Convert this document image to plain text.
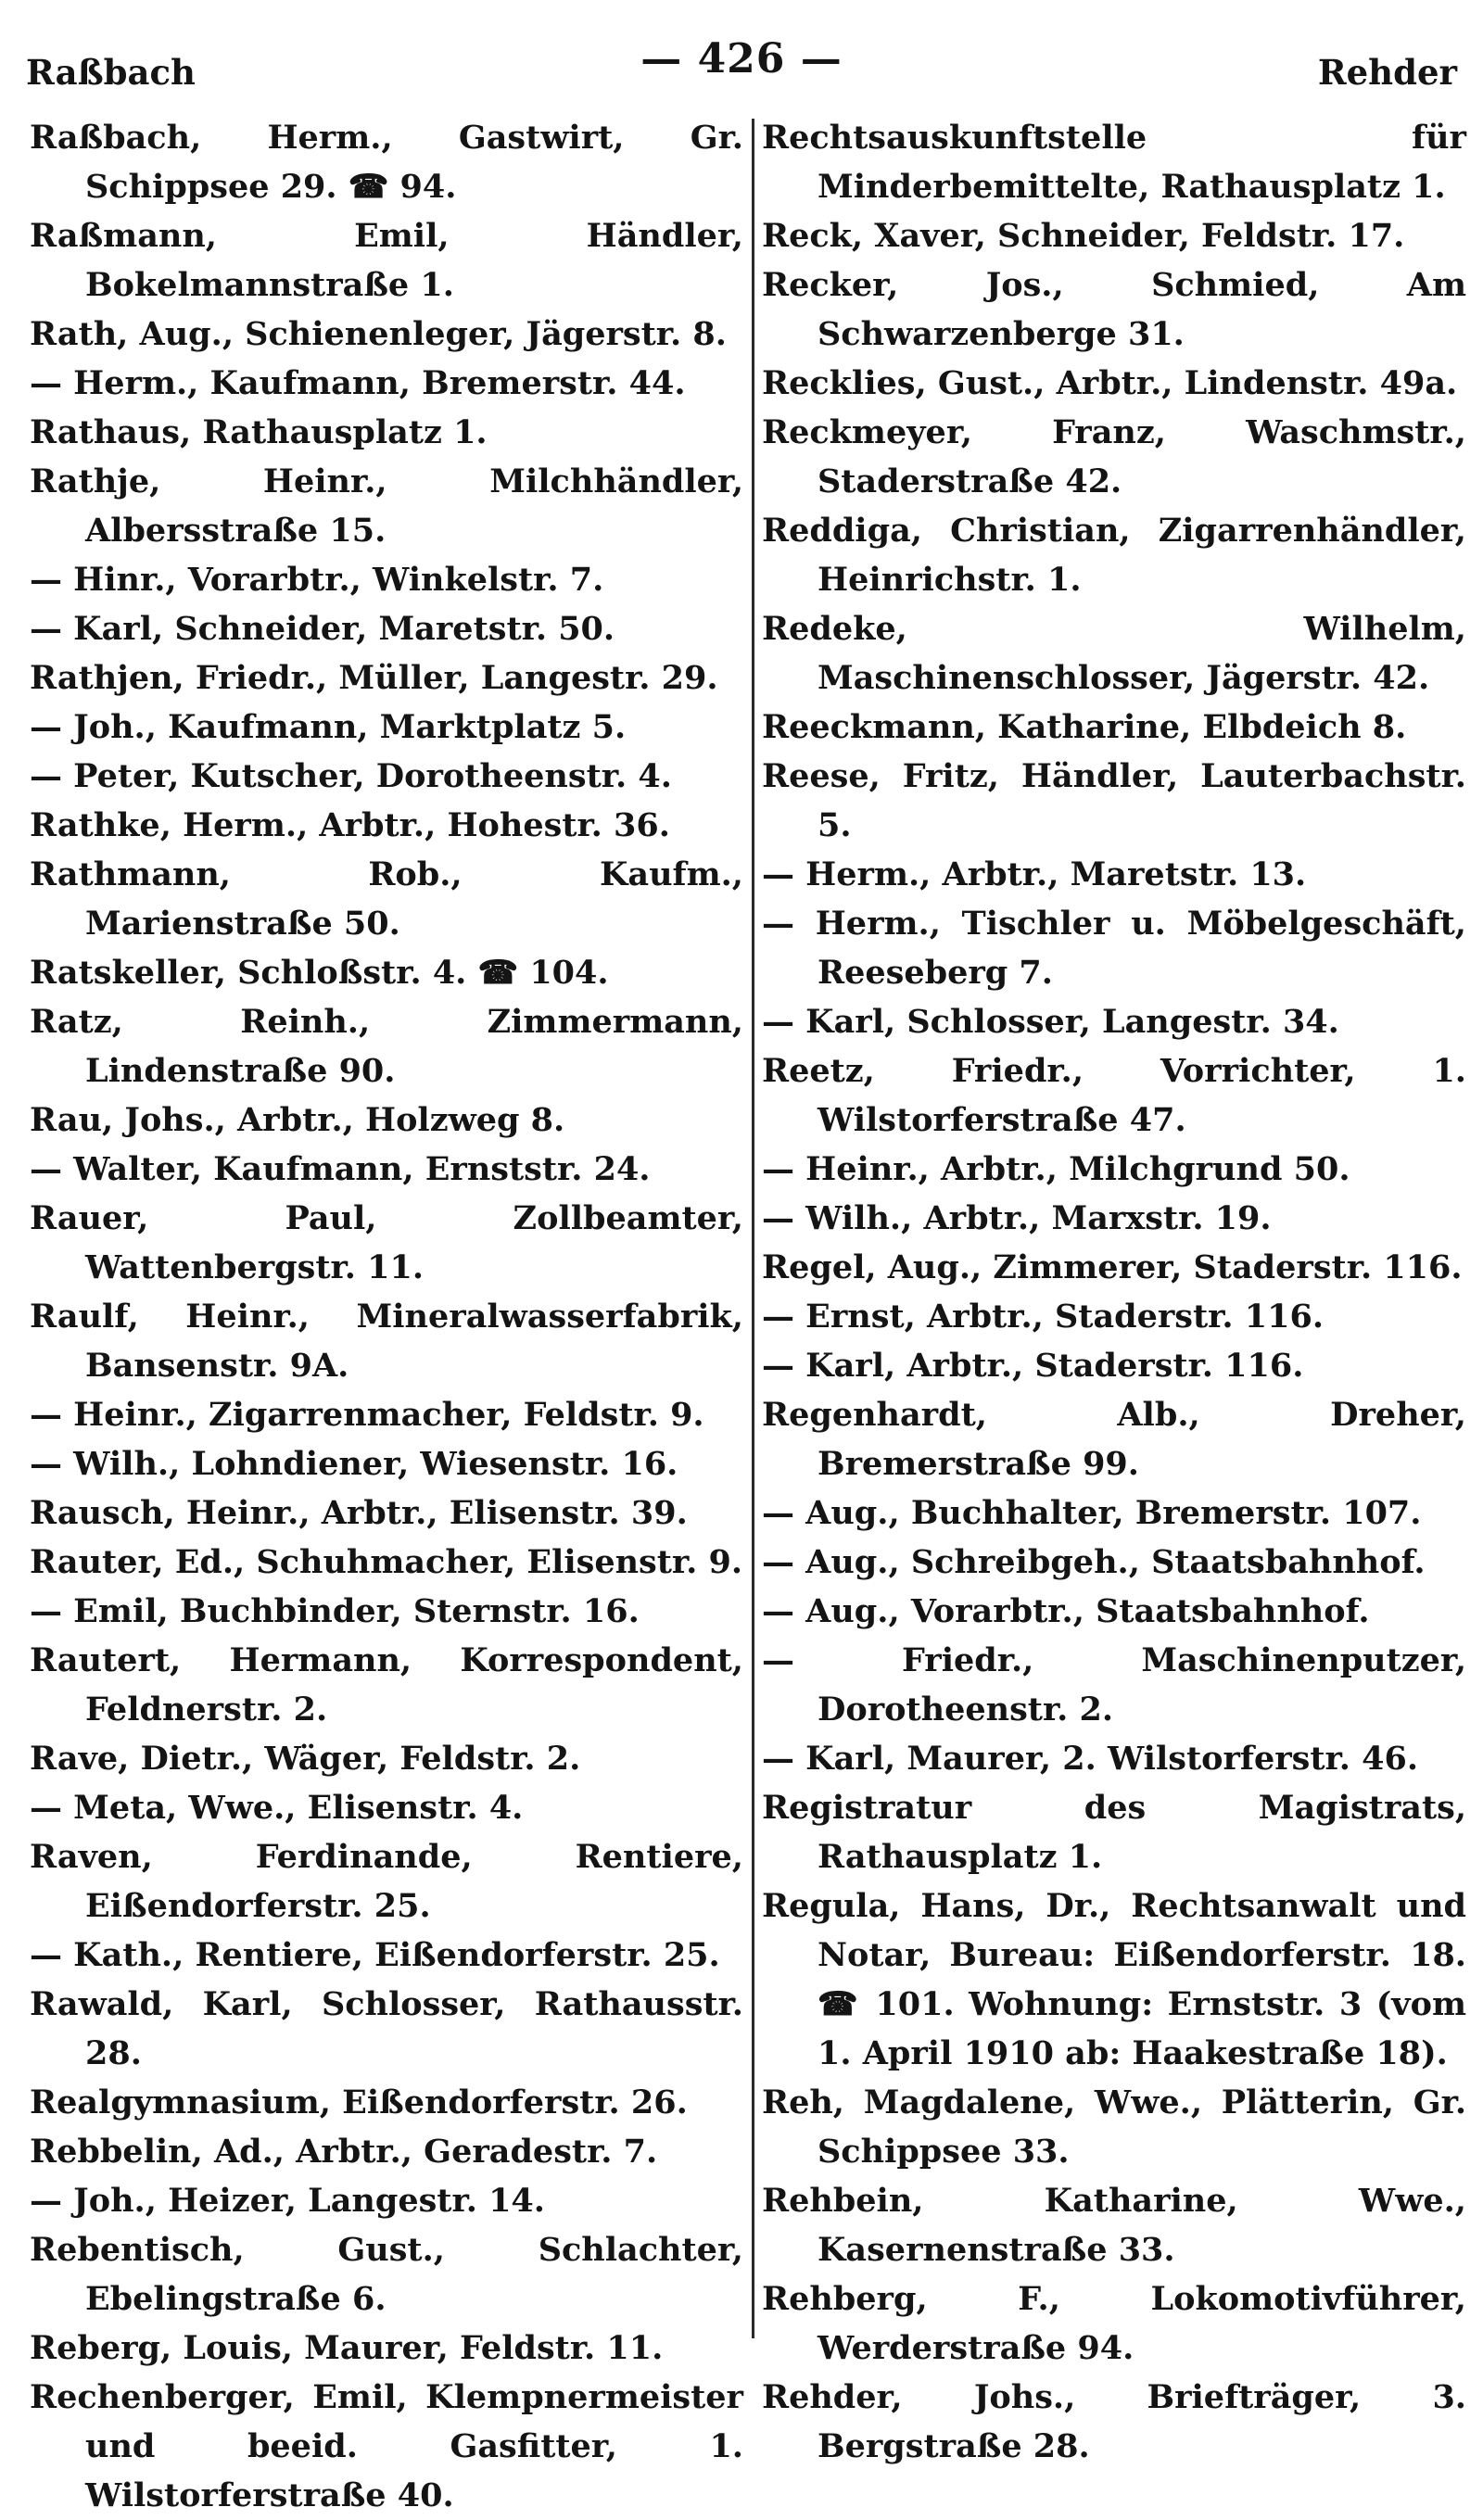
Raßbach	— 426 —	Rehder
Raßbach, Herm., Gastwirt, Gr. Schippsee 29. ☎ 94.
Raßmann, Emil, Händler, Bokelmannstraße 1.
Rath, Aug., Schienenleger, Jägerstr. 8.
— Herm., Kaufmann, Bremerstr. 44.
Rathaus, Rathausplatz 1.
Rathje, Heinr., Milchhändler, Albersstraße 15.
— Hinr., Vorarbtr., Winkelstr. 7.
— Karl, Schneider, Maretstr. 50.
Rathjen, Friedr., Müller, Langestr. 29.
— Joh., Kaufmann, Marktplatz 5.
— Peter, Kutscher, Dorotheenstr. 4.
Rathke, Herm., Arbtr., Hohestr. 36.
Rathmann, Rob., Kaufm., Marienstraße 50.
Ratskeller, Schloßstr. 4. ☎ 104.
Ratz, Reinh., Zimmermann, Lindenstraße 90.
Rau, Johs., Arbtr., Holzweg 8.
— Walter, Kaufmann, Ernststr. 24.
Rauer, Paul, Zollbeamter, Wattenbergstr. 11.
Raulf, Heinr., Mineralwasserfabrik, Bansenstr. 9A.
— Heinr., Zigarrenmacher, Feldstr. 9.
— Wilh., Lohndiener, Wiesenstr. 16.
Rausch, Heinr., Arbtr., Elisenstr. 39.
Rauter, Ed., Schuhmacher, Elisenstr. 9.
— Emil, Buchbinder, Sternstr. 16.
Rautert, Hermann, Korrespondent, Feldnerstr. 2.
Rave, Dietr., Wäger, Feldstr. 2.
— Meta, Wwe., Elisenstr. 4.
Raven, Ferdinande, Rentiere, Eißendorferstr. 25.
— Kath., Rentiere, Eißendorferstr. 25.
Rawald, Karl, Schlosser, Rathausstr. 28.
Realgymnasium, Eißendorferstr. 26.
Rebbelin, Ad., Arbtr., Geradestr. 7.
— Joh., Heizer, Langestr. 14.
Rebentisch, Gust., Schlachter, Ebelingstraße 6.
Reberg, Louis, Maurer, Feldstr. 11.
Rechenberger, Emil, Klempnermeister und beeid. Gasfitter, 1. Wilstorferstraße 40.
Rechtsauskunftstelle für Minderbemittelte, Rathausplatz 1.
Reck, Xaver, Schneider, Feldstr. 17.
Recker, Jos., Schmied, Am Schwarzenberge 31.
Recklies, Gust., Arbtr., Lindenstr. 49a.
Reckmeyer, Franz, Waschmstr., Staderstraße 42.
Reddiga, Christian, Zigarrenhändler, Heinrichstr. 1.
Redeke, Wilhelm, Maschinenschlosser, Jägerstr. 42.
Reeckmann, Katharine, Elbdeich 8.
Reese, Fritz, Händler, Lauterbachstr. 5.
— Herm., Arbtr., Maretstr. 13.
— Herm., Tischler u. Möbelgeschäft, Reeseberg 7.
— Karl, Schlosser, Langestr. 34.
Reetz, Friedr., Vorrichter, 1. Wilstorferstraße 47.
— Heinr., Arbtr., Milchgrund 50.
— Wilh., Arbtr., Marxstr. 19.
Regel, Aug., Zimmerer, Staderstr. 116.
— Ernst, Arbtr., Staderstr. 116.
— Karl, Arbtr., Staderstr. 116.
Regenhardt, Alb., Dreher, Bremerstraße 99.
— Aug., Buchhalter, Bremerstr. 107.
— Aug., Schreibgeh., Staatsbahnhof.
— Aug., Vorarbtr., Staatsbahnhof.
— Friedr., Maschinenputzer, Dorotheenstr. 2.
— Karl, Maurer, 2. Wilstorferstr. 46.
Registratur des Magistrats, Rathausplatz 1.
Regula, Hans, Dr., Rechtsanwalt und Notar, Bureau: Eißendorferstr. 18. ☎ 101. Wohnung: Ernststr. 3 (vom 1. April 1910 ab: Haakestraße 18).
Reh, Magdalene, Wwe., Plätterin, Gr. Schippsee 33.
Rehbein, Katharine, Wwe., Kasernenstraße 33.
Rehberg, F., Lokomotivführer, Werderstraße 94.
Rehder, Johs., Briefträger, 3. Bergstraße 28.
